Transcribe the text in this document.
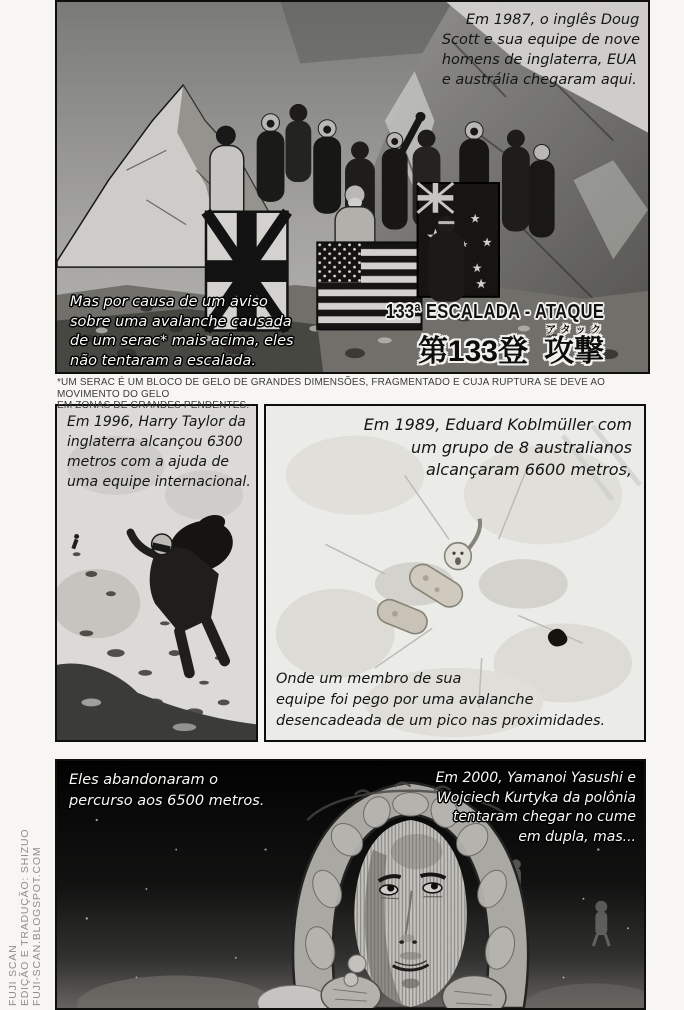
Em 1987, o inglês Doug
Scott e sua equipe de nove
homens de inglaterra, EUA
e austrália chegaram aqui.
Mas por causa de um aviso
sobre uma avalanche causada
de um serac* mais acima, eles
não tentaram a escalada.
133ª ESCALADA - ATAQUE
第133登 攻撃アタック
*UM SERAC É UM BLOCO DE GELO DE GRANDES DIMENSÕES, FRAGMENTADO E CUJA RUPTURA SE DEVE AO MOVIMENTO DO GELO
EM ZONAS DE GRANDES PENDENTES.
Em 1996, Harry Taylor da
inglaterra alcançou 6300
metros com a ajuda de
uma equipe internacional.
Em 1989, Eduard Koblmüller com
um grupo de 8 australianos
alcançaram 6600 metros,
Onde um membro de sua
equipe foi pego por uma avalanche
desencadeada de um pico nas proximidades.
Eles abandonaram o
percurso aos 6500 metros.
Em 2000, Yamanoi Yasushi e
Wojciech Kurtyka da polônia
tentaram chegar no cume
em dupla, mas...
FUJI SCAN EDIÇÃO E TRADUÇÃO: SHIZUO FUJI-SCAN.BLOGSPOT.COM
